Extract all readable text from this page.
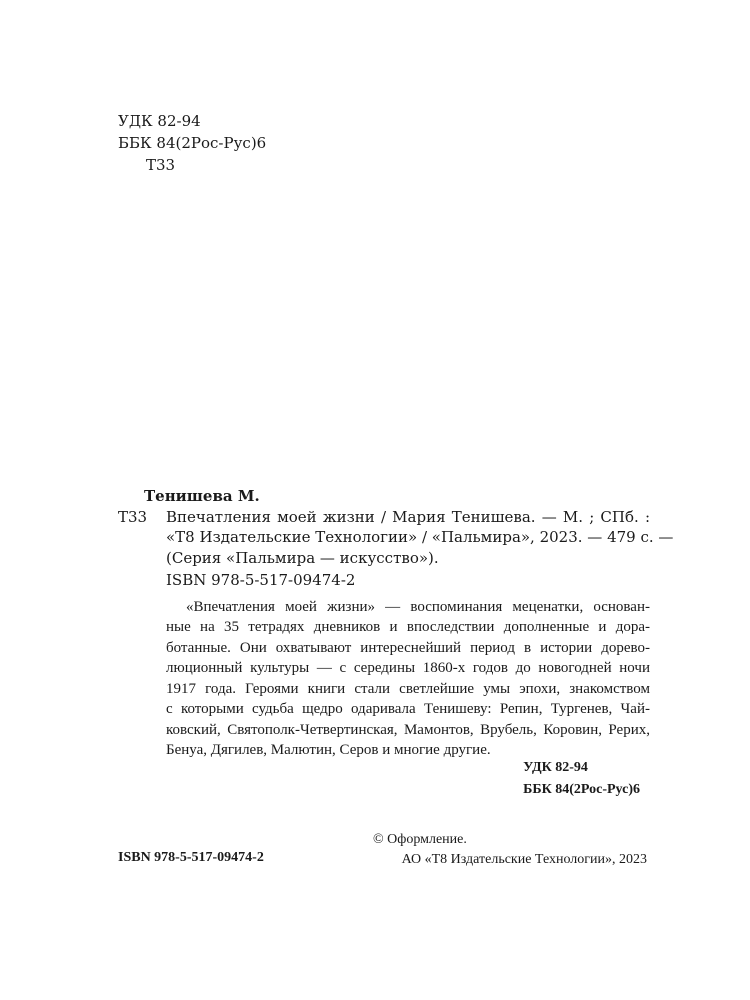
УДК 82-94
ББК 84(2Рос-Рус)6
Т33
Тенишева М.
Т33 Впечатления моей жизни / Мария Тенишева. — М. ; СПб. :
«Т8 Издательские Технологии» / «Пальмира», 2023. — 479 с. —
(Серия «Пальмира — искусство»).
ISBN 978-5-517-09474-2
«Впечатления моей жизни» — воспоминания меценатки, основан-
ные на 35 тетрадях дневников и впоследствии дополненные и дора-
ботанные. Они охватывают интереснейший период в истории дорево-
люционный культуры — с середины 1860-х годов до новогодней ночи
1917 года. Героями книги стали светлейшие умы эпохи, знакомством
с которыми судьба щедро одаривала Тенишеву: Репин, Тургенев, Чай-
ковский, Святополк-Четвертинская, Мамонтов, Врубель, Коровин, Рерих,
Бенуа, Дягилев, Малютин, Серов и многие другие.
УДК 82-94
ББК 84(2Рос-Рус)6
ISBN 978-5-517-09474-2
© Оформление.
АО «Т8 Издательские Технологии», 2023
